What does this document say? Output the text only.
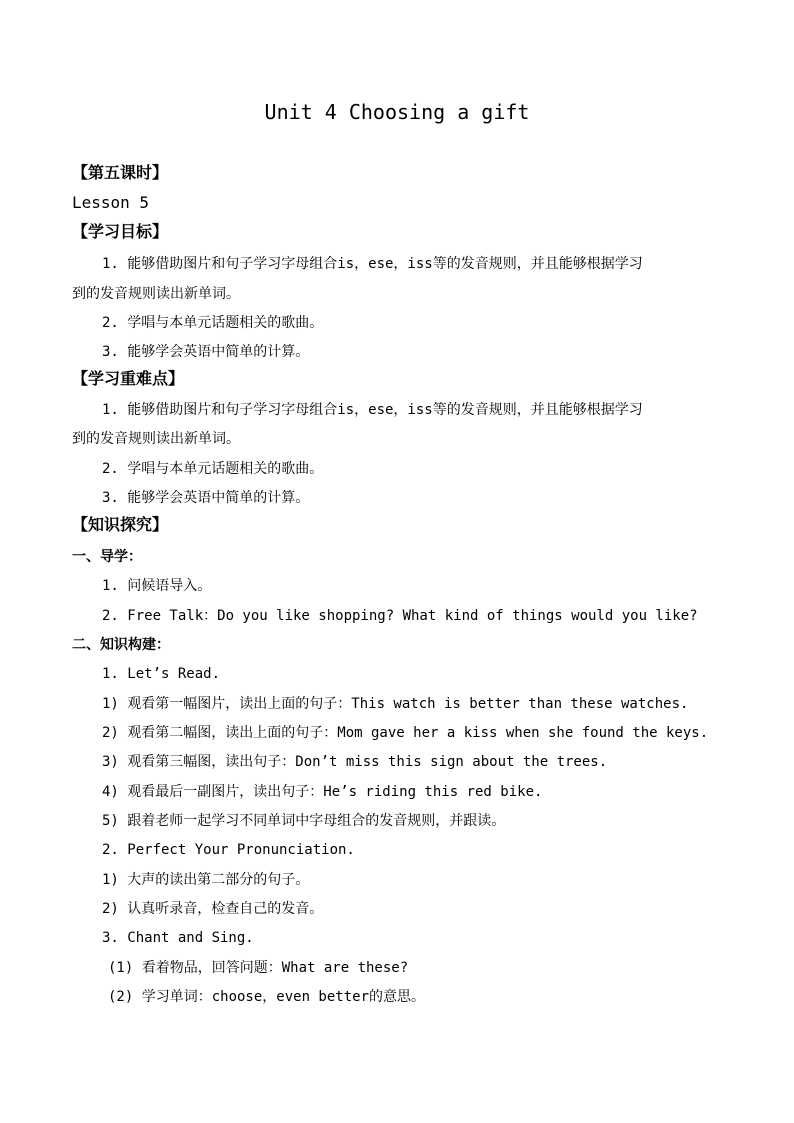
Unit 4 Choosing a gift
【第五课时】
Lesson 5
【学习目标】
1. 能够借助图片和句子学习字母组合is，ese，iss等的发音规则，并且能够根据学习
到的发音规则读出新单词。
2. 学唱与本单元话题相关的歌曲。
3. 能够学会英语中简单的计算。
【学习重难点】
1. 能够借助图片和句子学习字母组合is，ese，iss等的发音规则，并且能够根据学习
到的发音规则读出新单词。
2. 学唱与本单元话题相关的歌曲。
3. 能够学会英语中简单的计算。
【知识探究】
一、导学：
1. 问候语导入。
2. Free Talk：Do you like shopping? What kind of things would you like?
二、知识构建：
1. Let’s Read.
1) 观看第一幅图片，读出上面的句子：This watch is better than these watches.
2) 观看第二幅图，读出上面的句子：Mom gave her a kiss when she found the keys.
3) 观看第三幅图，读出句子：Don’t miss this sign about the trees.
4) 观看最后一副图片，读出句子：He’s riding this red bike.
5) 跟着老师一起学习不同单词中字母组合的发音规则，并跟读。
2. Perfect Your Pronunciation.
1) 大声的读出第二部分的句子。
2) 认真听录音，检查自己的发音。
3. Chant and Sing.
(1) 看着物品，回答问题：What are these?
(2) 学习单词：choose，even better的意思。
